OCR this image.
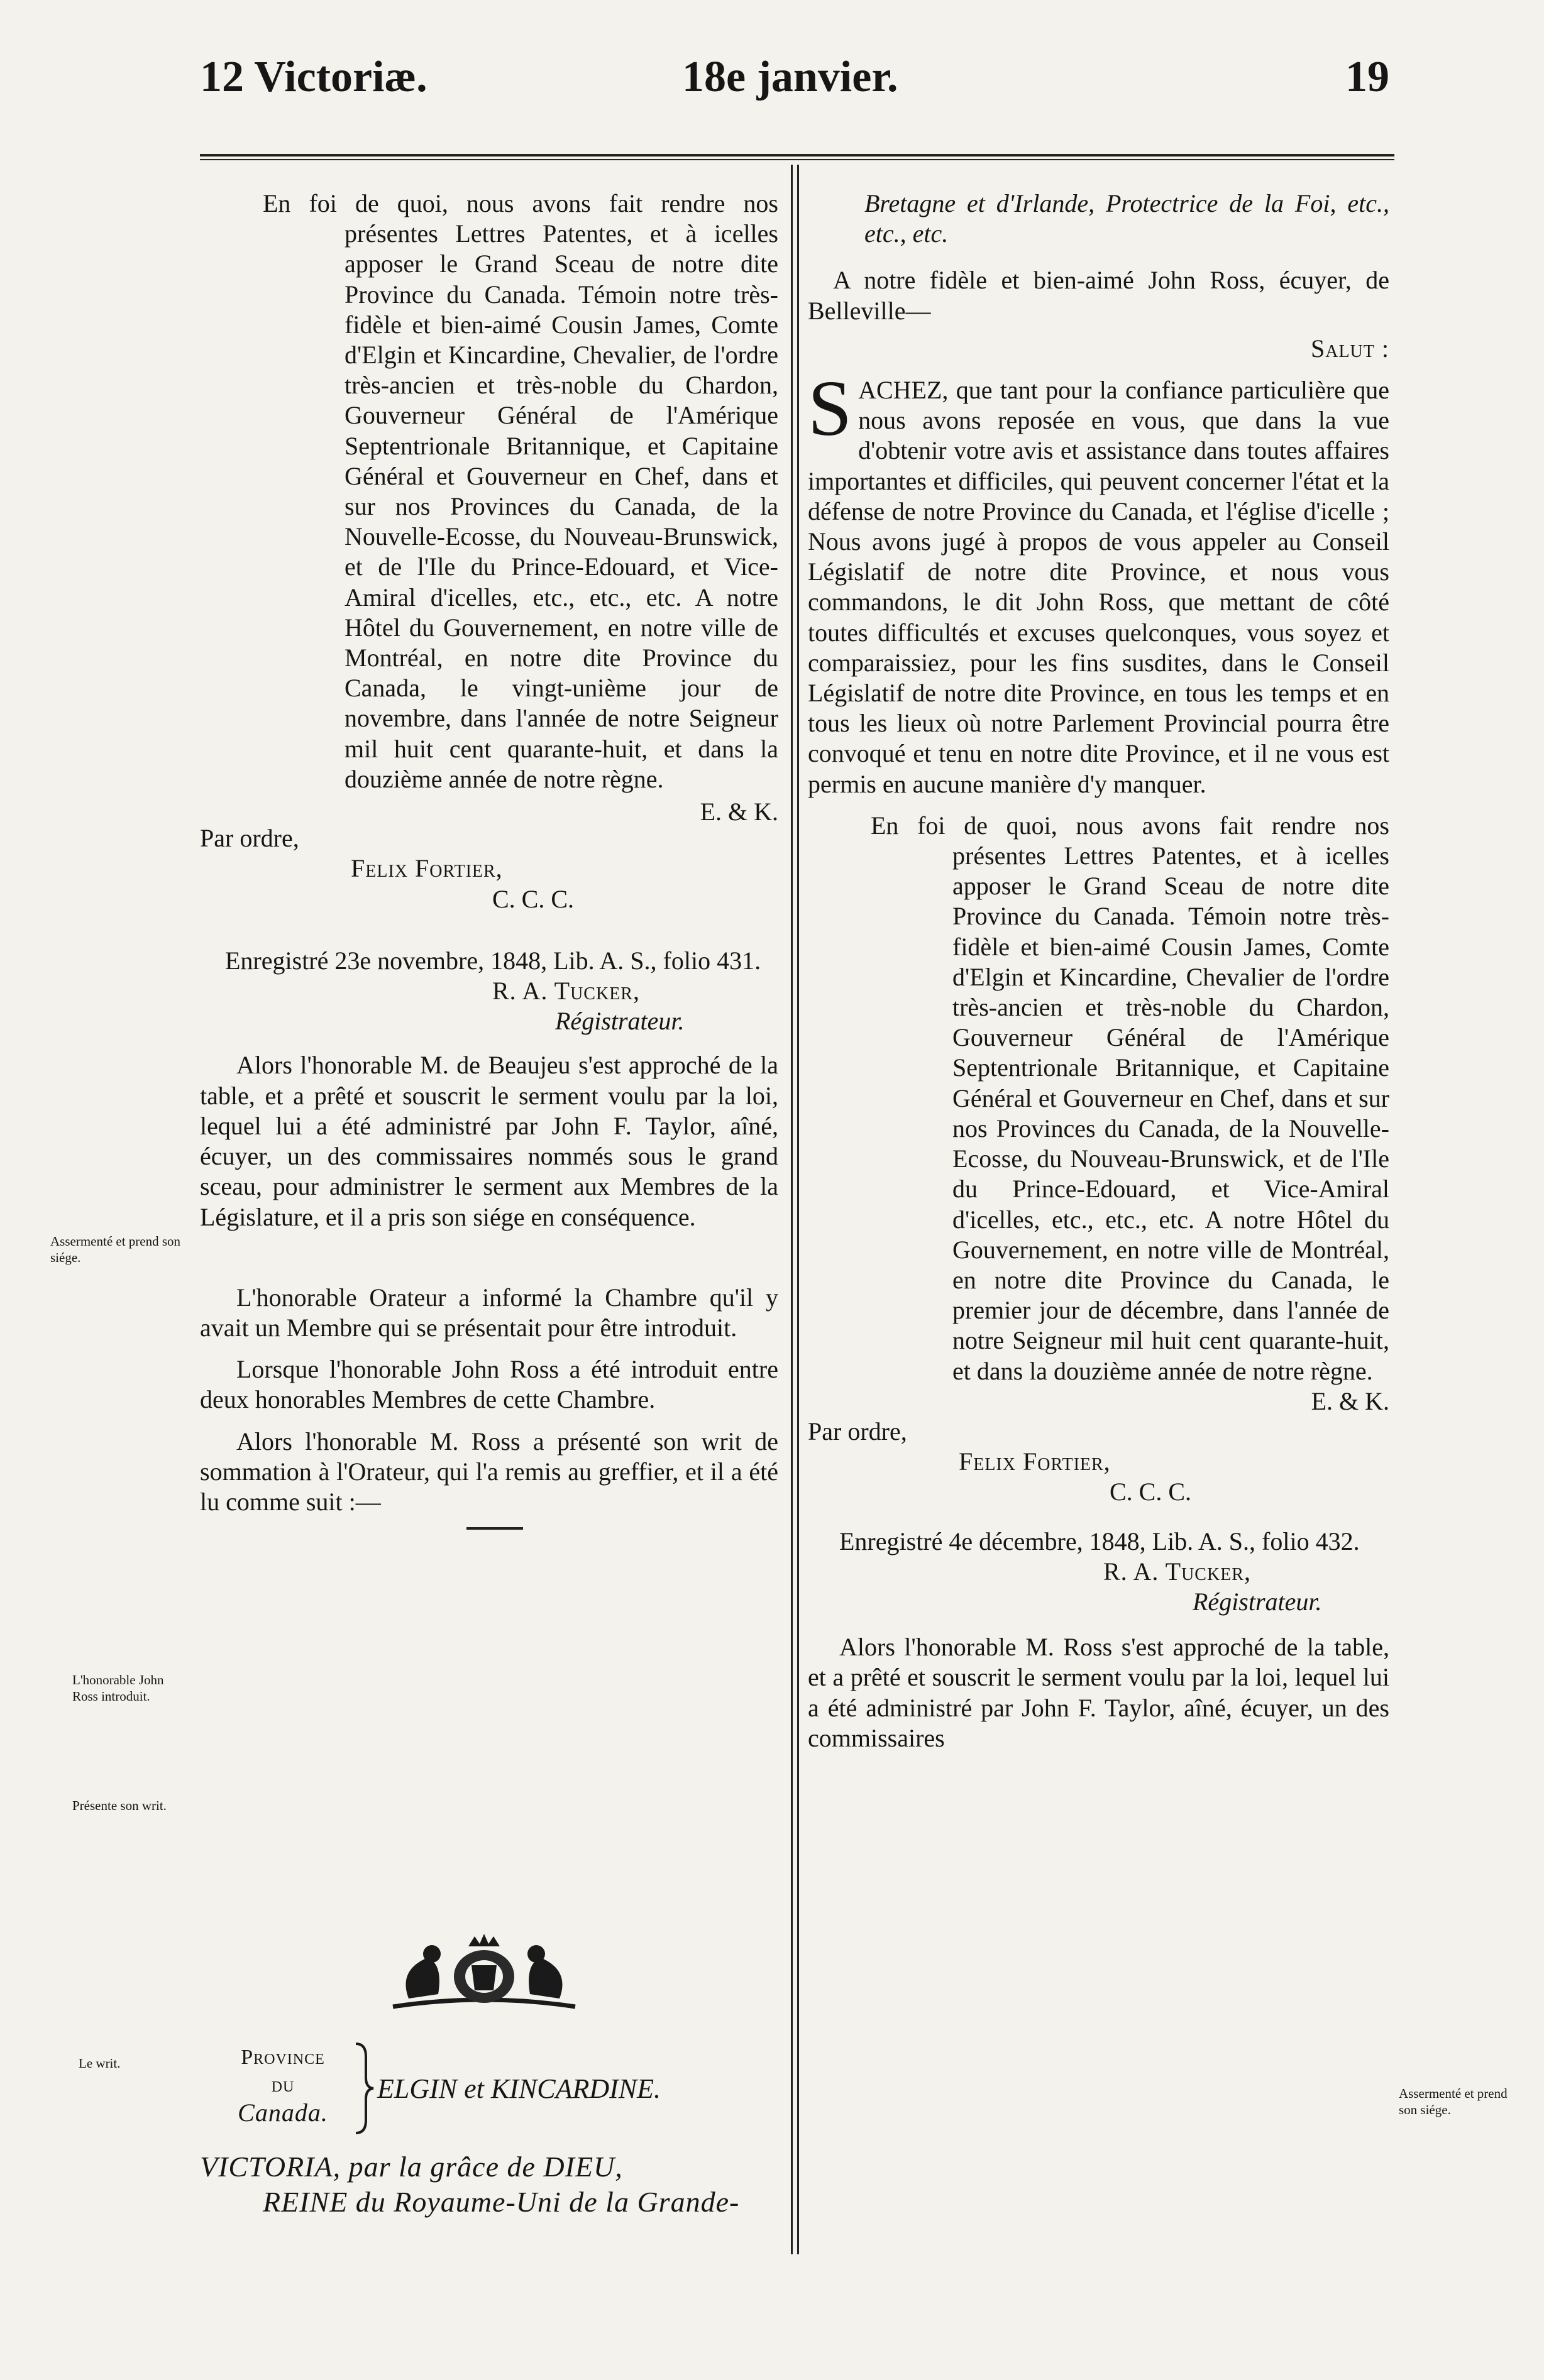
12 Victoriæ.	18e janvier.	19
Assermenté et prend son siége.
L'honorable John Ross introduit.
Présente son writ.
Le writ.
Assermenté et prend son siége.

En foi de quoi, nous avons fait rendre nos présentes Lettres Patentes, et à icelles apposer le Grand Sceau de notre dite Province du Canada. Témoin notre très-fidèle et bien-aimé Cousin James, Comte d'Elgin et Kincardine, Chevalier, de l'ordre très-ancien et très-noble du Chardon, Gouverneur Général de l'Amérique Septentrionale Britannique, et Capitaine Général et Gouverneur en Chef, dans et sur nos Provinces du Canada, de la Nouvelle-Ecosse, du Nouveau-Brunswick, et de l'Ile du Prince-Edouard, et Vice-Amiral d'icelles, etc., etc., etc. A notre Hôtel du Gouvernement, en notre ville de Montréal, en notre dite Province du Canada, le vingt-unième jour de novembre, dans l'année de notre Seigneur mil huit cent quarante-huit, et dans la douzième année de notre règne.

E. & K.

Par ordre,

Felix Fortier,

C. C. C.

Enregistré 23e novembre, 1848, Lib. A. S., folio 431.

R. A. Tucker,

Régistrateur.

Alors l'honorable M. de Beaujeu s'est approché de la table, et a prêté et souscrit le serment voulu par la loi, lequel lui a été administré par John F. Taylor, aîné, écuyer, un des commissaires nommés sous le grand sceau, pour administrer le serment aux Membres de la Législature, et il a pris son siége en conséquence.

L'honorable Orateur a informé la Chambre qu'il y avait un Membre qui se présentait pour être introduit.

Lorsque l'honorable John Ross a été introduit entre deux honorables Membres de cette Chambre.

Alors l'honorable M. Ross a présenté son writ de sommation à l'Orateur, qui l'a remis au greffier, et il a été lu comme suit :—

Province
du
Canada.
ELGIN et KINCARDINE.
VICTORIA, par la grâce de DIEU,
REINE du Royaume-Uni de la Grande-

Bretagne et d'Irlande, Protectrice de la Foi, etc., etc., etc.

A notre fidèle et bien-aimé John Ross, écuyer, de Belleville—

Salut :

SACHEZ, que tant pour la confiance particulière que nous avons reposée en vous, que dans la vue d'obtenir votre avis et assistance dans toutes affaires importantes et difficiles, qui peuvent concerner l'état et la défense de notre Province du Canada, et l'église d'icelle ; Nous avons jugé à propos de vous appeler au Conseil Législatif de notre dite Province, et nous vous commandons, le dit John Ross, que mettant de côté toutes difficultés et excuses quelconques, vous soyez et comparaissiez, pour les fins susdites, dans le Conseil Législatif de notre dite Province, en tous les temps et en tous les lieux où notre Parlement Provincial pourra être convoqué et tenu en notre dite Province, et il ne vous est permis en aucune manière d'y manquer.

En foi de quoi, nous avons fait rendre nos présentes Lettres Patentes, et à icelles apposer le Grand Sceau de notre dite Province du Canada. Témoin notre très-fidèle et bien-aimé Cousin James, Comte d'Elgin et Kincardine, Chevalier de l'ordre très-ancien et très-noble du Chardon, Gouverneur Général de l'Amérique Septentrionale Britannique, et Capitaine Général et Gouverneur en Chef, dans et sur nos Provinces du Canada, de la Nouvelle-Ecosse, du Nouveau-Brunswick, et de l'Ile du Prince-Edouard, et Vice-Amiral d'icelles, etc., etc., etc. A notre Hôtel du Gouvernement, en notre ville de Montréal, en notre dite Province du Canada, le premier jour de décembre, dans l'année de notre Seigneur mil huit cent quarante-huit, et dans la douzième année de notre règne.

E. & K.

Par ordre,

Felix Fortier,

C. C. C.

Enregistré 4e décembre, 1848, Lib. A. S., folio 432.

R. A. Tucker,

Régistrateur.

Alors l'honorable M. Ross s'est approché de la table, et a prêté et souscrit le serment voulu par la loi, lequel lui a été administré par John F. Taylor, aîné, écuyer, un des commissaires
